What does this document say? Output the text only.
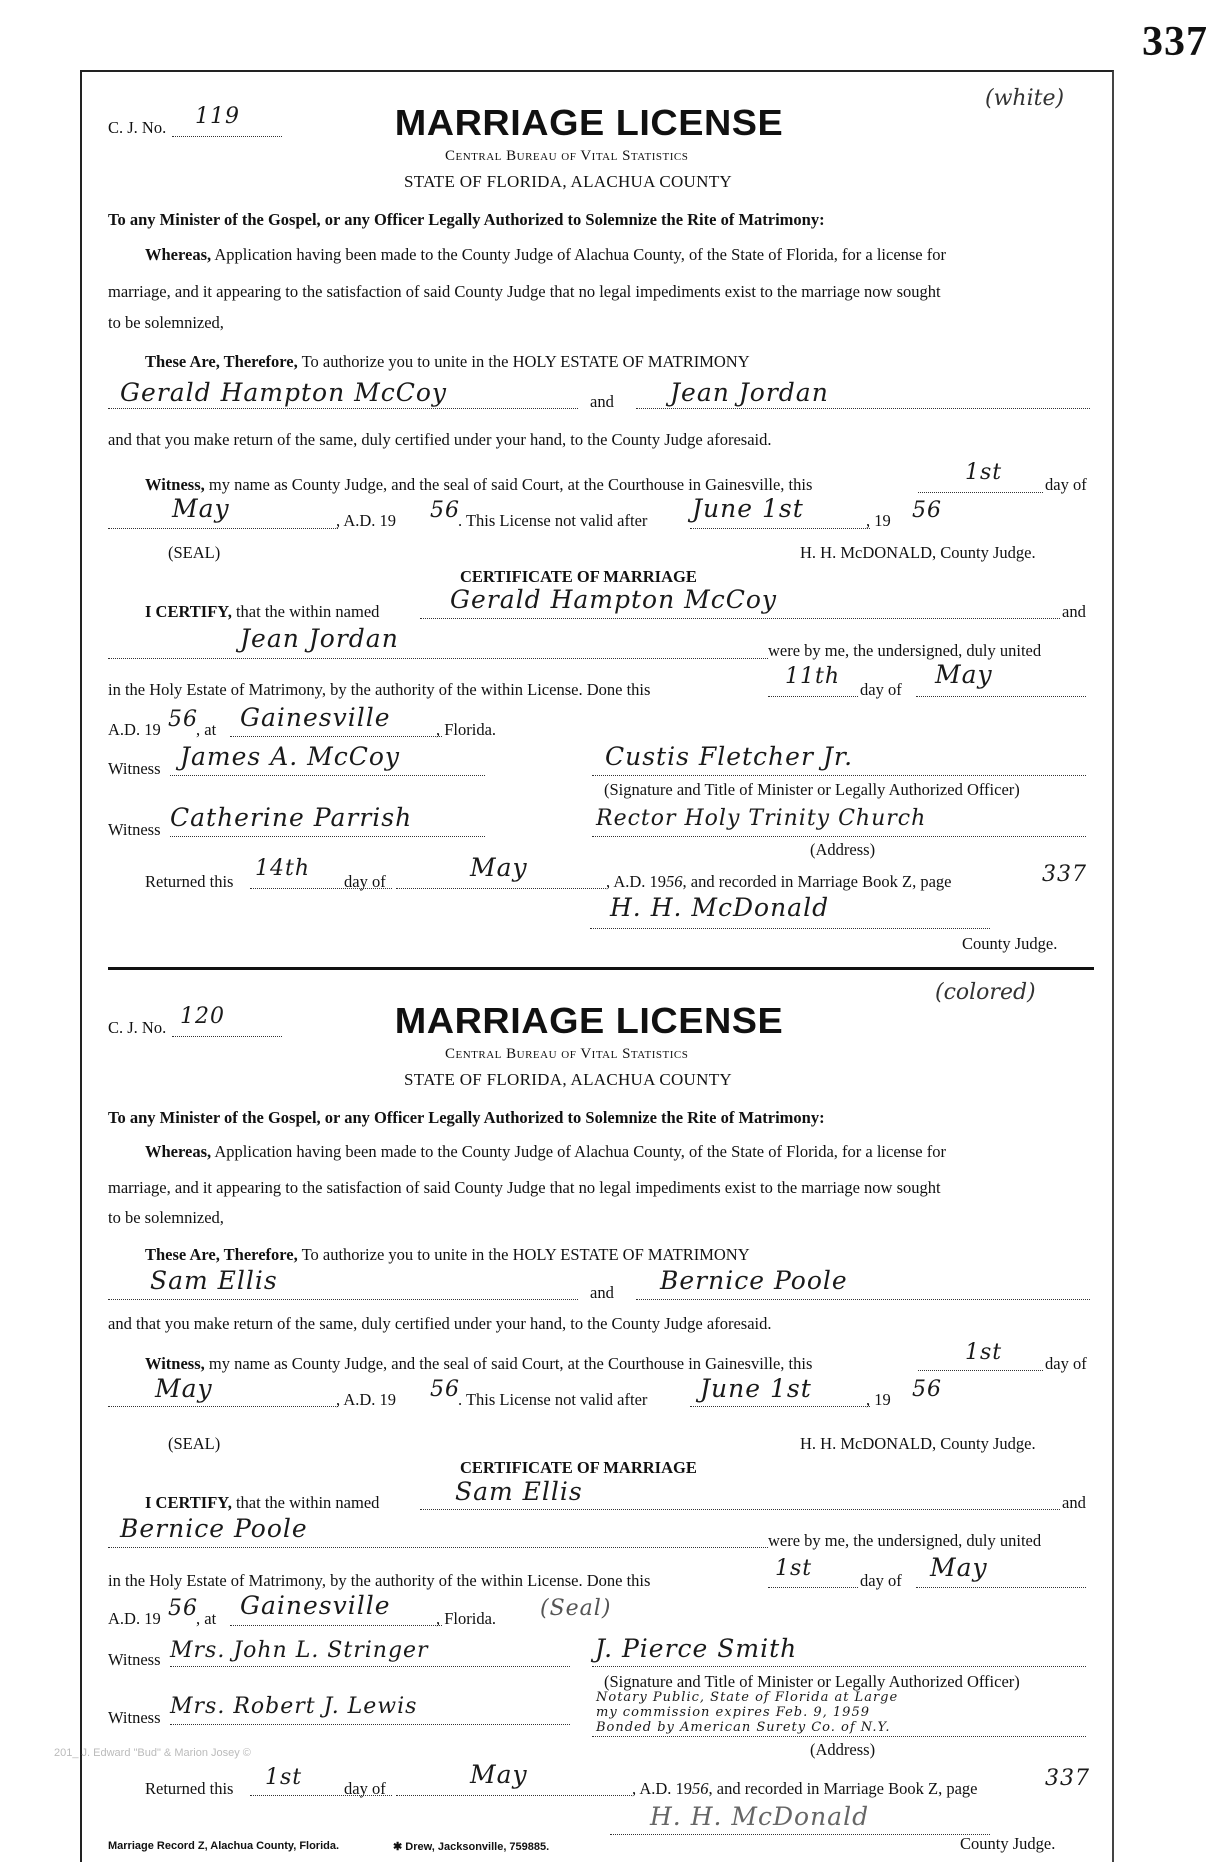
337
C. J. No. 119
(white)
MARRIAGE LICENSE
Central Bureau of Vital Statistics
STATE OF FLORIDA, ALACHUA COUNTY
To any Minister of the Gospel, or any Officer Legally Authorized to Solemnize the Rite of Matrimony:
Whereas, Application having been made to the County Judge of Alachua County, of the State of Florida, for a license for
marriage, and it appearing to the satisfaction of said County Judge that no legal impediments exist to the marriage now sought
to be solemnized,
These Are, Therefore, To authorize you to unite in the HOLY ESTATE OF MATRIMONY
Gerald Hampton McCoy	and Jean Jordan
and that you make return of the same, duly certified under your hand, to the County Judge aforesaid.
Witness, my name as County Judge, and the seal of said Court, at the Courthouse in Gainesville, this	1st	day of
May	, A.D. 19 56
. This License not valid after June 1st	, 19 56
(SEAL)	H. H. McDONALD, County Judge.
CERTIFICATE OF MARRIAGE
I CERTIFY, that the within named	Gerald Hampton McCoy	and
Jean Jordan	were by me, the undersigned, duly united
in the Holy Estate of Matrimony, by the authority of the within License. Done this
11th
day of
May
A.D. 19 56
, at Gainesville	, Florida.
Witness James A. McCoy	Custis Fletcher Jr.
(Signature and Title of Minister or Legally Authorized Officer)
Witness Catherine Parrish	Rector Holy Trinity Church
(Address)
Returned this
14th
day of	May	, A.D. 1956, and recorded in Marriage Book Z, page	337
H. H. McDonald
County Judge.
C. J. No. 120
(colored)
MARRIAGE LICENSE
Central Bureau of Vital Statistics
STATE OF FLORIDA, ALACHUA COUNTY
To any Minister of the Gospel, or any Officer Legally Authorized to Solemnize the Rite of Matrimony:
Whereas, Application having been made to the County Judge of Alachua County, of the State of Florida, for a license for
marriage, and it appearing to the satisfaction of said County Judge that no legal impediments exist to the marriage now sought
to be solemnized,
These Are, Therefore, To authorize you to unite in the HOLY ESTATE OF MATRIMONY
Sam Ellis	and Bernice Poole
and that you make return of the same, duly certified under your hand, to the County Judge aforesaid.
Witness, my name as County Judge, and the seal of said Court, at the Courthouse in Gainesville, this	1st	day of
May	, A.D. 19 56
. This License not valid after June 1st	, 19 56
(SEAL)	H. H. McDONALD, County Judge.
CERTIFICATE OF MARRIAGE
I CERTIFY, that the within named	Sam Ellis	and
Bernice Poole	were by me, the undersigned, duly united
in the Holy Estate of Matrimony, by the authority of the within License. Done this	1st	day of May
A.D. 19 56
, at Gainesville	, Florida. (Seal)
Witness Mrs. John L. Stringer	J. Pierce Smith
(Signature and Title of Minister or Legally Authorized Officer)
Witness Mrs. Robert J. Lewis	Notary Public, State of Florida at Large
my commission expires Feb. 9, 1959
Bonded by American Surety Co. of N.Y.
(Address)
201_ J. Edward "Bud" & Marion Josey ©
Returned this 1st	day of	May	, A.D. 1956, and recorded in Marriage Book Z, page	337
H. H. McDonald
Marriage Record Z, Alachua County, Florida.	✱ Drew, Jacksonville, 759885.	County Judge.
